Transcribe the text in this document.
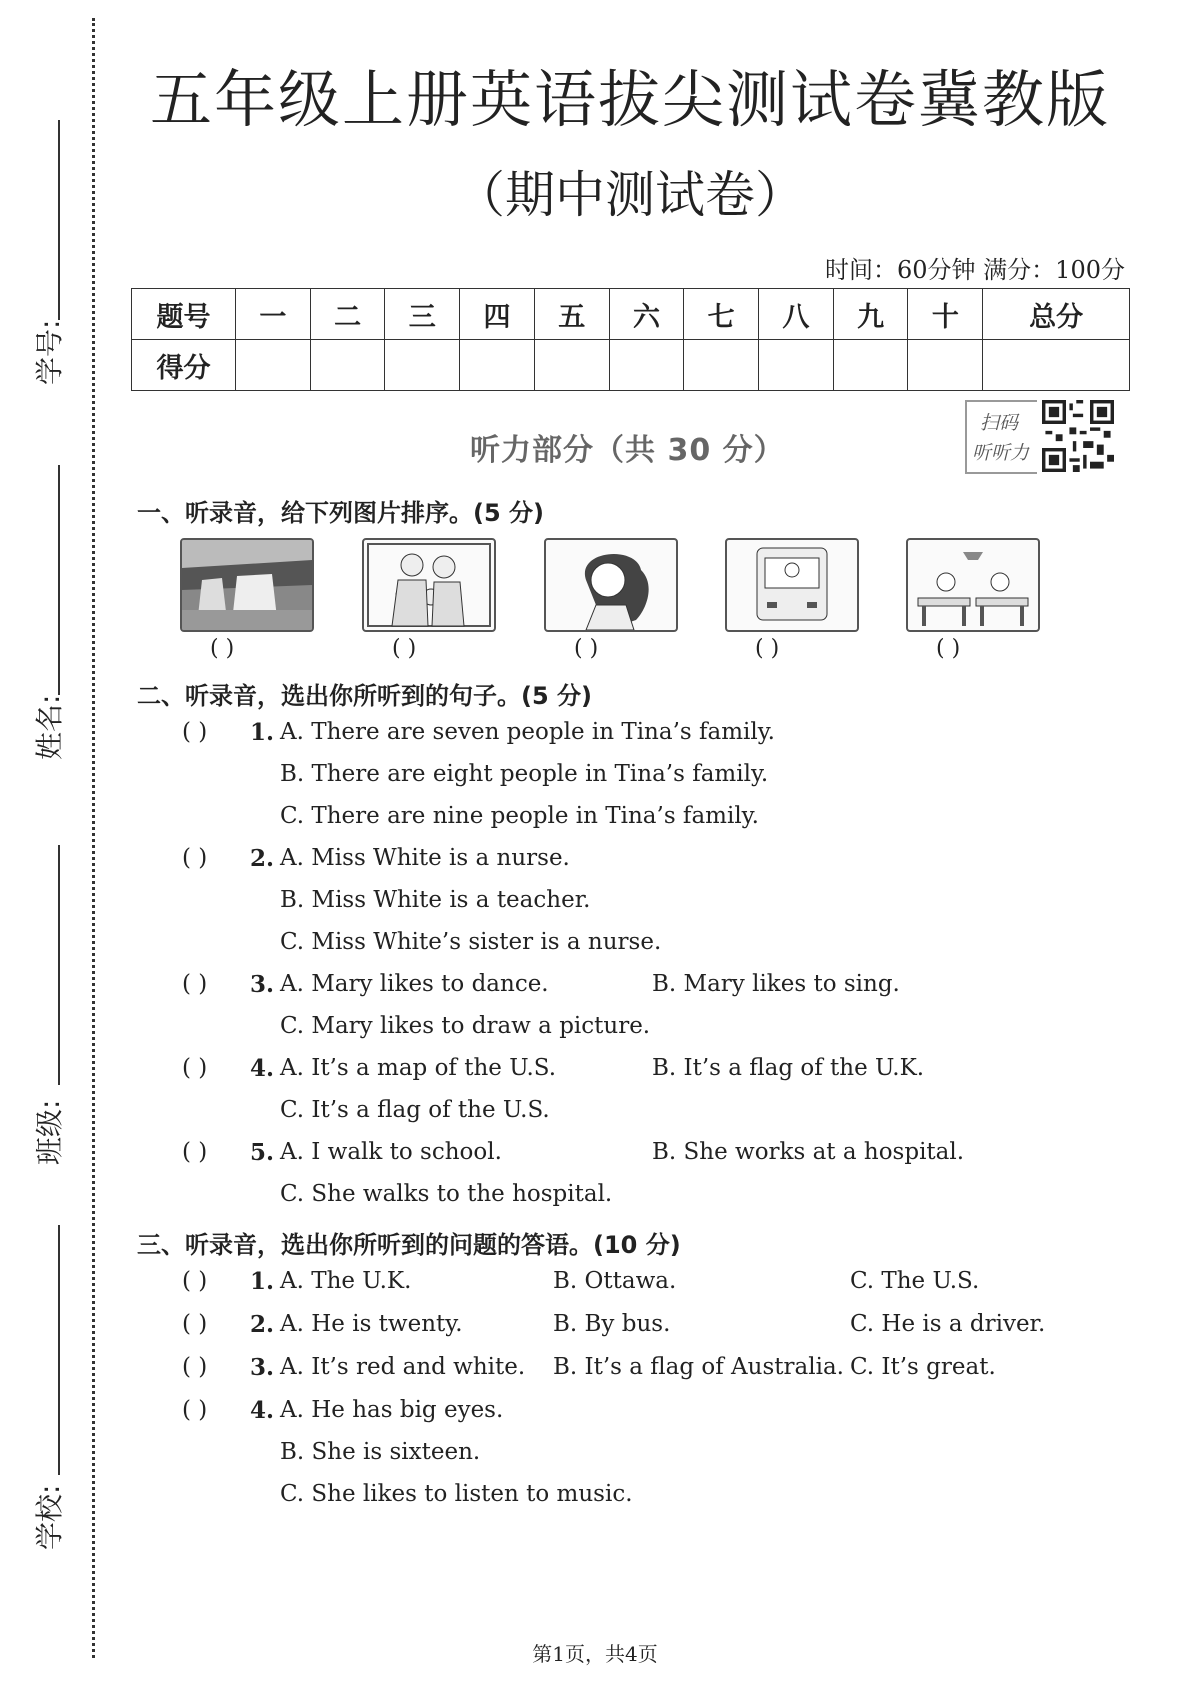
学号:
姓名:
班级:
学校:
五年级上册英语拔尖测试卷冀教版
（期中测试卷）
时间：60分钟 满分：100分
题号	一	二	三	四	五	六	七	八	九	十	总分
得分											
听力部分（共 30 分）
扫码
听听力
一、听录音，给下列图片排序。(5 分)
( )	( )	( )	( )	( )
二、听录音，选出你所听到的句子。(5 分)
( ) 1. A. There are seven people in Tina’s family.
B. There are eight people in Tina’s family.
C. There are nine people in Tina’s family.
( ) 2. A. Miss White is a nurse.
B. Miss White is a teacher.
C. Miss White’s sister is a nurse.
( ) 3. A. Mary likes to dance.	B. Mary likes to sing.
C. Mary likes to draw a picture.
( ) 4. A. It’s a map of the U.S.	B. It’s a flag of the U.K.
C. It’s a flag of the U.S.
( ) 5. A. I walk to school.	B. She works at a hospital.
C. She walks to the hospital.
三、听录音，选出你所听到的问题的答语。(10 分)
( ) 1. A. The U.K.	B. Ottawa.	C. The U.S.
( ) 2. A. He is twenty.	B. By bus.	C. He is a driver.
( ) 3. A. It’s red and white. B. It’s a flag of Australia. C. It’s great.
( ) 4. A. He has big eyes.
B. She is sixteen.
C. She likes to listen to music.
第1页，共4页
